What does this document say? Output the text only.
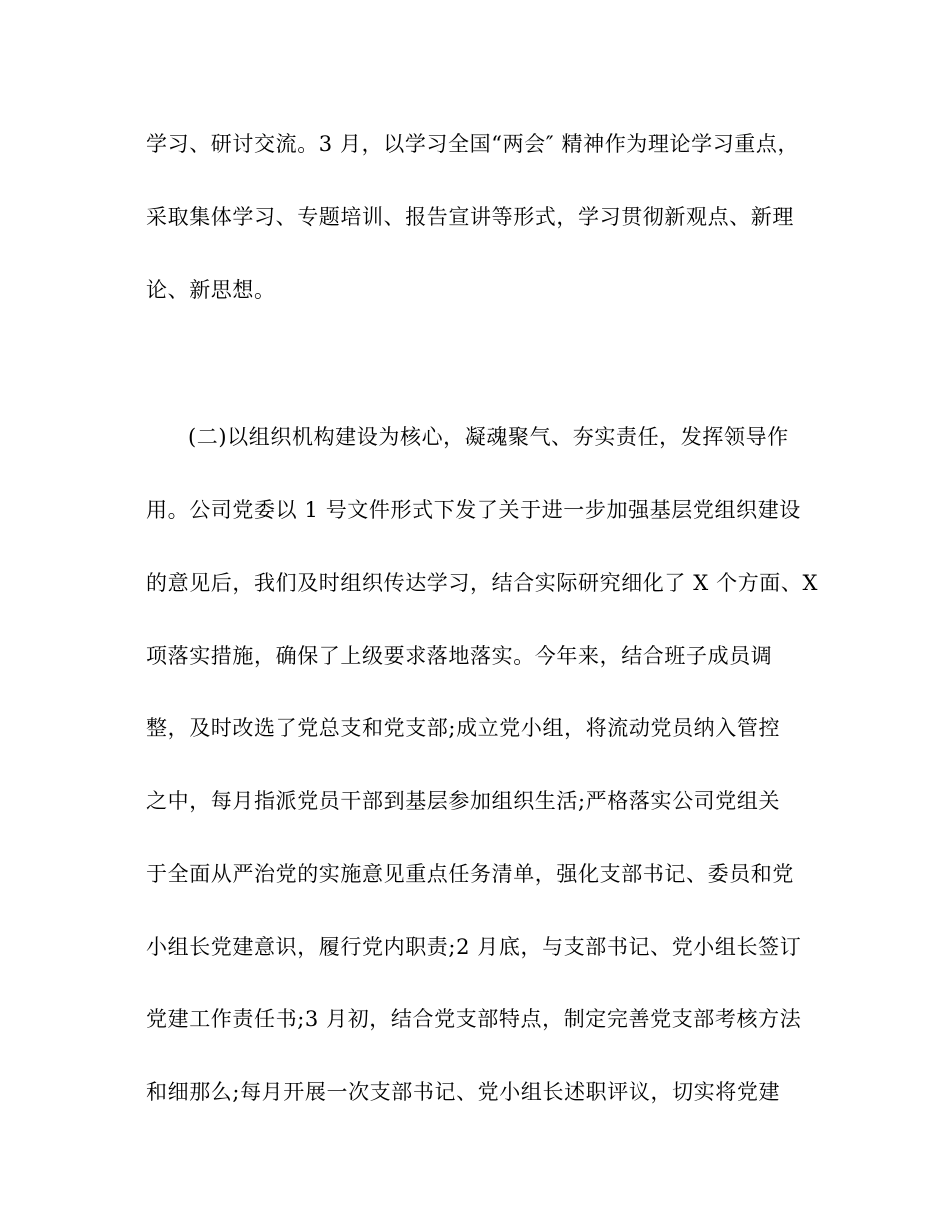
学习、研讨交流。3 月，以学习全国“两会″ 精神作为理论学习重点，
采取集体学习、专题培训、报告宣讲等形式，学习贯彻新观点、新理
论、新思想。
(二)以组织机构建设为核心，凝魂聚气、夯实责任，发挥领导作
用。公司党委以 1 号文件形式下发了关于进一步加强基层党组织建设
的意见后，我们及时组织传达学习，结合实际研究细化了 X 个方面、X
项落实措施，确保了上级要求落地落实。今年来，结合班子成员调
整，及时改选了党总支和党支部;成立党小组，将流动党员纳入管控
之中，每月指派党员干部到基层参加组织生活;严格落实公司党组关
于全面从严治党的实施意见重点任务清单，强化支部书记、委员和党
小组长党建意识，履行党内职责;2 月底，与支部书记、党小组长签订
党建工作责任书;3 月初，结合党支部特点，制定完善党支部考核方法
和细那么;每月开展一次支部书记、党小组长述职评议，切实将党建
